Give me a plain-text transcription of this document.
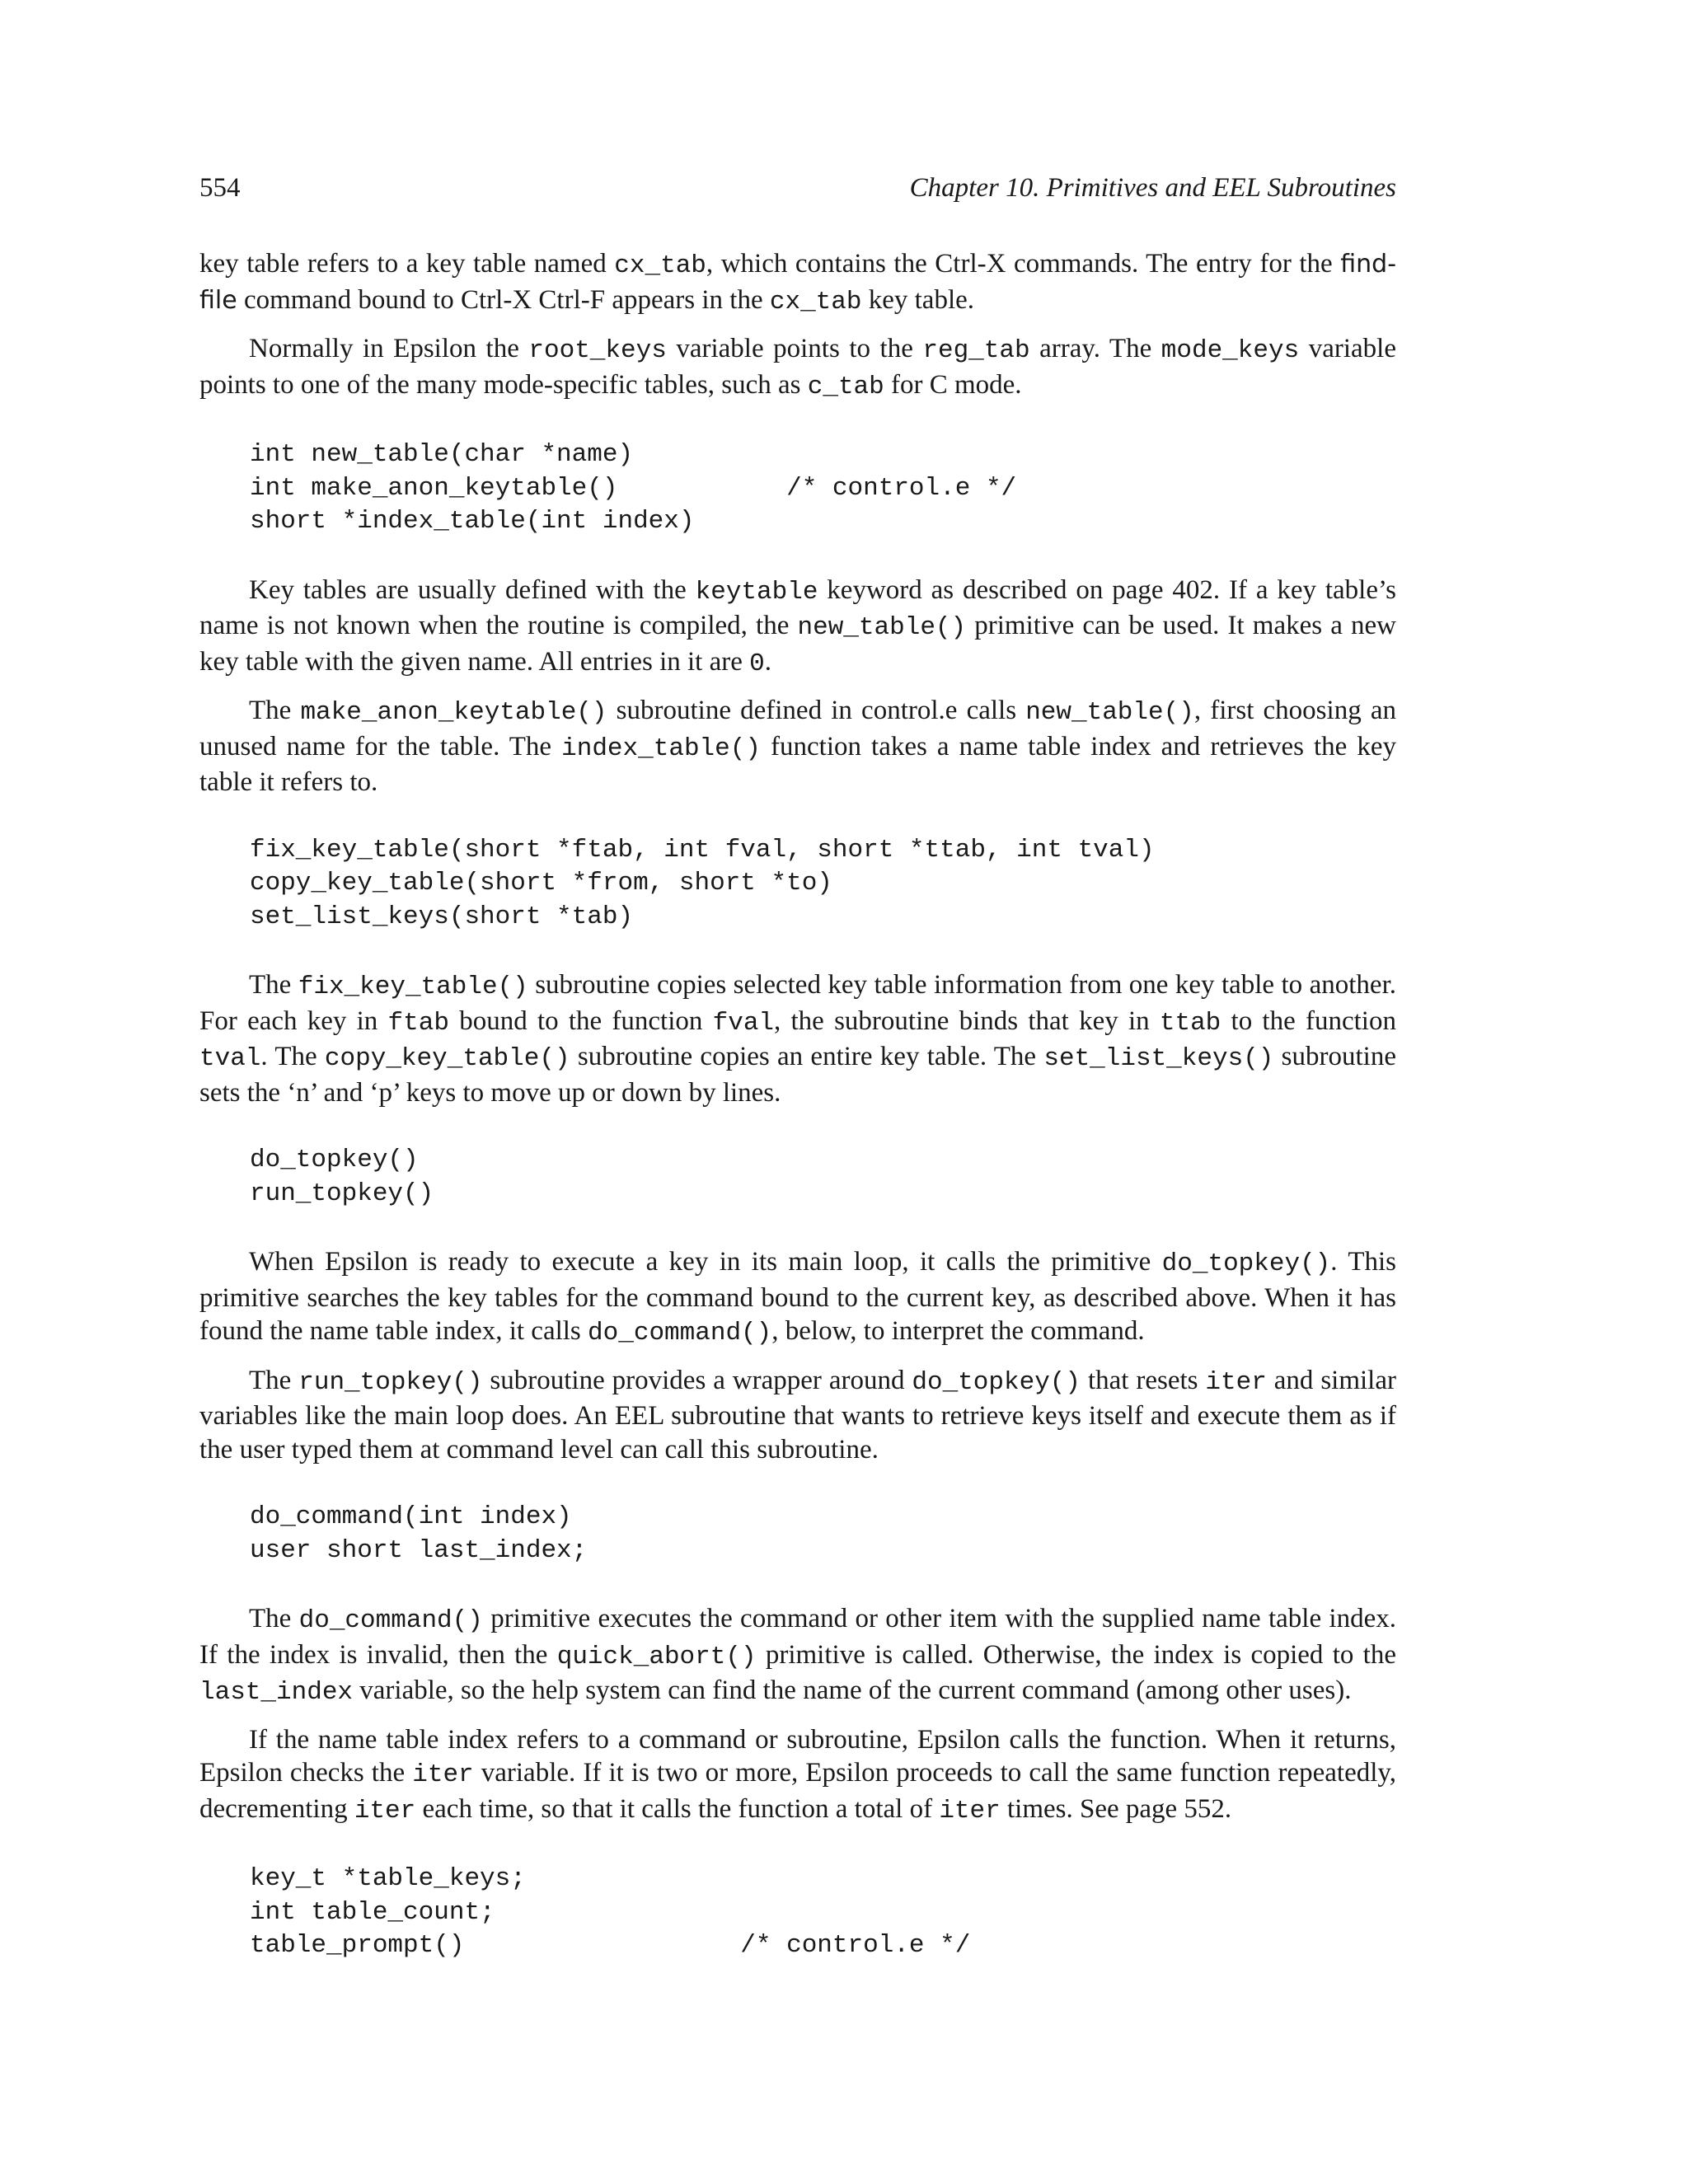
554	Chapter 10. Primitives and EEL Subroutines

key table refers to a key table named cx_tab, which contains the Ctrl-X commands. The entry for the find-file command bound to Ctrl-X Ctrl-F appears in the cx_tab key table.

Normally in Epsilon the root_keys variable points to the reg_tab array. The mode_keys variable points to one of the many mode-specific tables, such as c_tab for C mode.

int new_table(char *name)
int make_anon_keytable()           /* control.e */
short *index_table(int index)

Key tables are usually defined with the keytable keyword as described on page 402. If a key table’s name is not known when the routine is compiled, the new_table() primitive can be used. It makes a new key table with the given name. All entries in it are 0.

The make_anon_keytable() subroutine defined in control.e calls new_table(), first choosing an unused name for the table. The index_table() function takes a name table index and retrieves the key table it refers to.

fix_key_table(short *ftab, int fval, short *ttab, int tval)
copy_key_table(short *from, short *to)
set_list_keys(short *tab)

The fix_key_table() subroutine copies selected key table information from one key table to another. For each key in ftab bound to the function fval, the subroutine binds that key in ttab to the function tval. The copy_key_table() subroutine copies an entire key table. The set_list_keys() subroutine sets the ‘n’ and ‘p’ keys to move up or down by lines.

do_topkey()
run_topkey()

When Epsilon is ready to execute a key in its main loop, it calls the primitive do_topkey(). This primitive searches the key tables for the command bound to the current key, as described above. When it has found the name table index, it calls do_command(), below, to interpret the command.

The run_topkey() subroutine provides a wrapper around do_topkey() that resets iter and similar variables like the main loop does. An EEL subroutine that wants to retrieve keys itself and execute them as if the user typed them at command level can call this subroutine.

do_command(int index)
user short last_index;

The do_command() primitive executes the command or other item with the supplied name table index. If the index is invalid, then the quick_abort() primitive is called. Otherwise, the index is copied to the last_index variable, so the help system can find the name of the current command (among other uses).

If the name table index refers to a command or subroutine, Epsilon calls the function. When it returns, Epsilon checks the iter variable. If it is two or more, Epsilon proceeds to call the same function repeatedly, decrementing iter each time, so that it calls the function a total of iter times. See page 552.

key_t *table_keys;
int table_count;
table_prompt()                  /* control.e */
